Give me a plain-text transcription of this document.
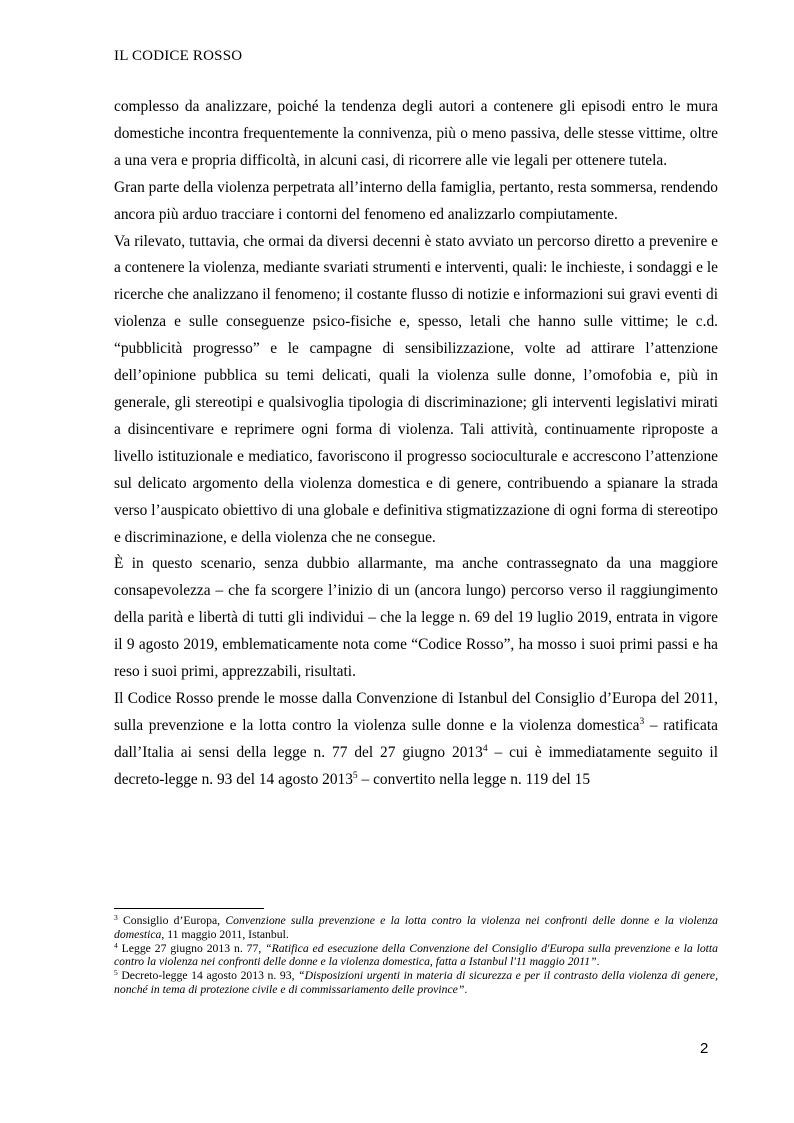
IL CODICE ROSSO

complesso da analizzare, poiché la tendenza degli autori a contenere gli episodi entro le mura domestiche incontra frequentemente la connivenza, più o meno passiva, delle stesse vittime, oltre a una vera e propria difficoltà, in alcuni casi, di ricorrere alle vie legali per ottenere tutela.

Gran parte della violenza perpetrata all’interno della famiglia, pertanto, resta sommersa, rendendo ancora più arduo tracciare i contorni del fenomeno ed analizzarlo compiutamente.

Va rilevato, tuttavia, che ormai da diversi decenni è stato avviato un percorso diretto a prevenire e a contenere la violenza, mediante svariati strumenti e interventi, quali: le inchieste, i sondaggi e le ricerche che analizzano il fenomeno; il costante flusso di notizie e informazioni sui gravi eventi di violenza e sulle conseguenze psico-fisiche e, spesso, letali che hanno sulle vittime; le c.d. “pubblicità progresso” e le campagne di sensibilizzazione, volte ad attirare l’attenzione dell’opinione pubblica su temi delicati, quali la violenza sulle donne, l’omofobia e, più in generale, gli stereotipi e qualsivoglia tipologia di discriminazione; gli interventi legislativi mirati a disincentivare e reprimere ogni forma di violenza. Tali attività, continuamente riproposte a livello istituzionale e mediatico, favoriscono il progresso socioculturale e accrescono l’attenzione sul delicato argomento della violenza domestica e di genere, contribuendo a spianare la strada verso l’auspicato obiettivo di una globale e definitiva stigmatizzazione di ogni forma di stereotipo e discriminazione, e della violenza che ne consegue.

È in questo scenario, senza dubbio allarmante, ma anche contrassegnato da una maggiore consapevolezza – che fa scorgere l’inizio di un (ancora lungo) percorso verso il raggiungimento della parità e libertà di tutti gli individui – che la legge n. 69 del 19 luglio 2019, entrata in vigore il 9 agosto 2019, emblematicamente nota come “Codice Rosso”, ha mosso i suoi primi passi e ha reso i suoi primi, apprezzabili, risultati.

Il Codice Rosso prende le mosse dalla Convenzione di Istanbul del Consiglio d’Europa del 2011, sulla prevenzione e la lotta contro la violenza sulle donne e la violenza domestica$^3$ – ratificata dall’Italia ai sensi della legge n. 77 del 27 giugno 2013$^4$ – cui è immediatamente seguito il decreto-legge n. 93 del 14 agosto 2013$^5$ – convertito nella legge n. 119 del 15

$^3$ Consiglio d’Europa, Convenzione sulla prevenzione e la lotta contro la violenza nei confronti delle donne e la violenza domestica, 11 maggio 2011, Istanbul.

$^4$ Legge 27 giugno 2013 n. 77, “Ratifica ed esecuzione della Convenzione del Consiglio d'Europa sulla prevenzione e la lotta contro la violenza nei confronti delle donne e la violenza domestica, fatta a Istanbul l'11 maggio 2011”.

$^5$ Decreto-legge 14 agosto 2013 n. 93, “Disposizioni urgenti in materia di sicurezza e per il contrasto della violenza di genere, nonché in tema di protezione civile e di commissariamento delle province”.

2
